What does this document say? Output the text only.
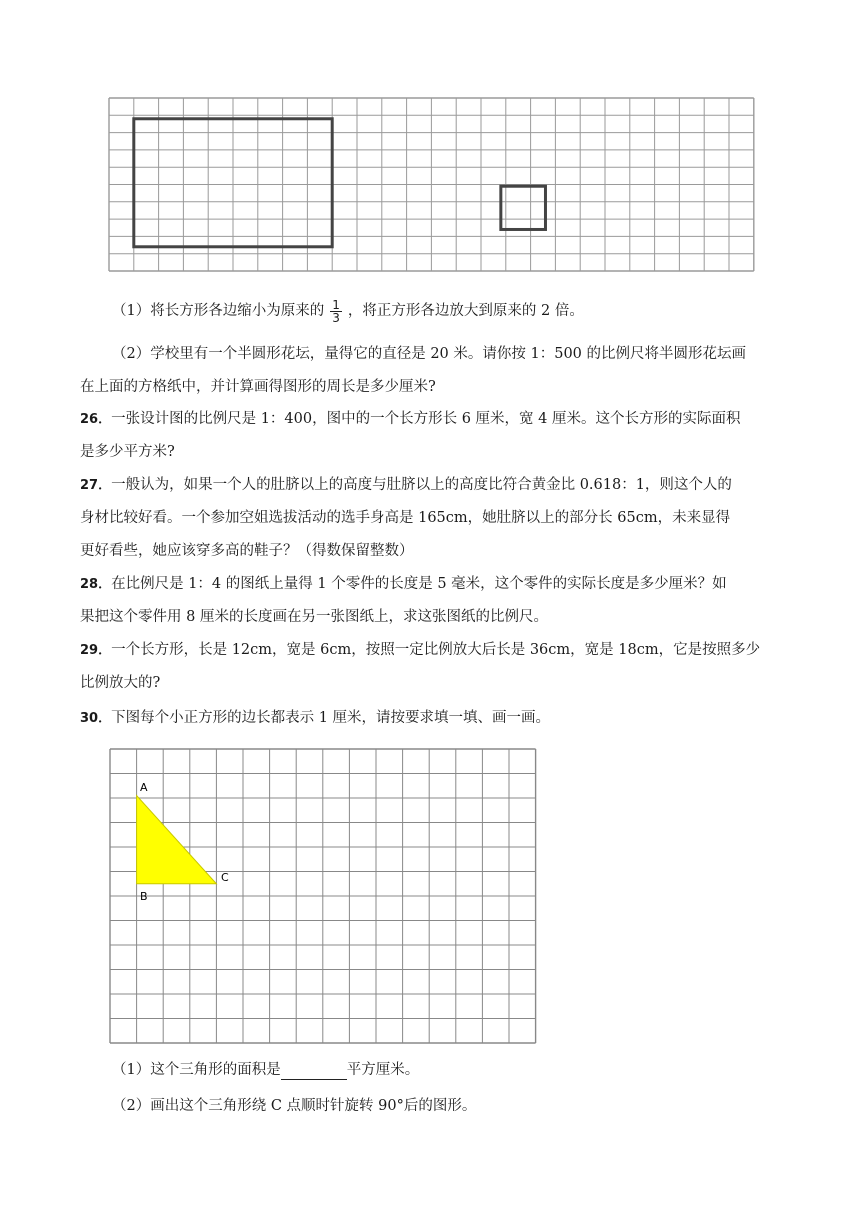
A
B
C
（1）将长方形各边缩小为原来的 $\frac{1}{3}$ ，将正方形各边放大到原来的 2 倍。
（2）学校里有一个半圆形花坛，量得它的直径是 20 米。请你按 1：500 的比例尺将半圆形花坛画
在上面的方格纸中，并计算画得图形的周长是多少厘米?
26．一张设计图的比例尺是 1：400，图中的一个长方形长 6 厘米，宽 4 厘米。这个长方形的实际面积
是多少平方米?
27．一般认为，如果一个人的肚脐以上的高度与肚脐以上的高度比符合黄金比 0.618：1，则这个人的
身材比较好看。一个参加空姐选拔活动的选手身高是 165cm，她肚脐以上的部分长 65cm，未来显得
更好看些，她应该穿多高的鞋子？（得数保留整数）
28．在比例尺是 1：4 的图纸上量得 1 个零件的长度是 5 毫米，这个零件的实际长度是多少厘米？如
果把这个零件用 8 厘米的长度画在另一张图纸上，求这张图纸的比例尺。
29．一个长方形，长是 12cm，宽是 6cm，按照一定比例放大后长是 36cm，宽是 18cm，它是按照多少
比例放大的?
30．下图每个小正方形的边长都表示 1 厘米，请按要求填一填、画一画。
（1）这个三角形的面积是	平方厘米。
（2）画出这个三角形绕 C 点顺时针旋转 90°后的图形。
